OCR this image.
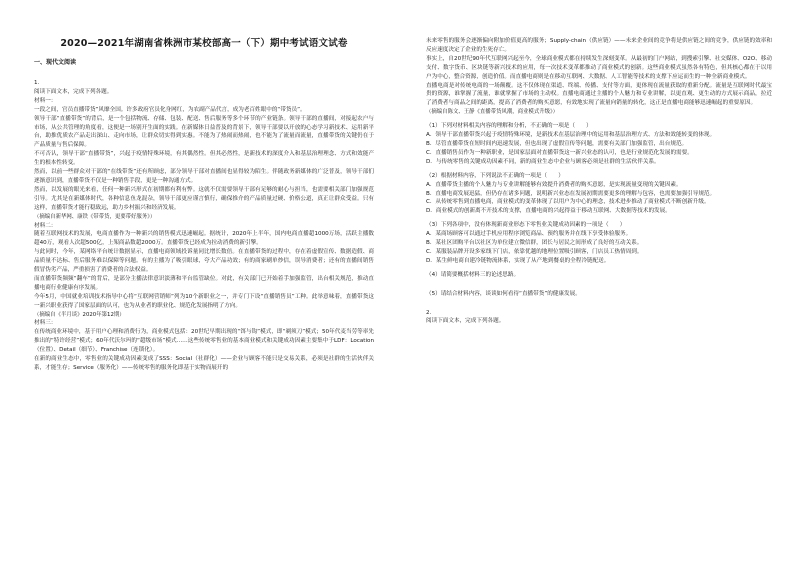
2020—2021年湖南省株洲市某校部高一（下）期中考试语文试卷
一、现代文阅读

1.

阅读下面文本，完成下列各题。

材料一：

一段之间，官员直播带货”风靡全国。许多政府官员化身网红，为农副产品代言，成为老百姓眼中的“带货员”。

领导干部“直播带货”的背后，是一个包括物流、存储、包装、配送、售后服务等多个环节的产业链条。领导干部的直播间，对接起农户与市场，从公共管理的角度看，这便是一场别开生面的实践。在新媒体日益普及的背景下，领导干部要以开放的心态学习新技术、运用新平台，助推优质农产品走出深山、走向市场，让群众切实得到实惠。不能为了热闹而热闹，也不能为了流量而流量，直播带货的关键仍在于产品质量与售后保障。

不可否认，领导干部“直播带货”，兴起于疫情特殊环境，有其偶然性。但其必然性，是新技术的深度介入和基层治理理念、方式和效能产生的根本性转变。

然而，以前一些群众对干部的“在线带货”还有所顾虑，部分领导干部对直播间也显得较为陌生。伴随政务新媒体的广泛普及，领导干部们逐渐意识到，直播带货不仅是一种销售手段，更是一种沟通方式。

然而，以发展的眼光来看，任何一种新兴形式在初期都有利有弊。这就不仅需要领导干部有足够的耐心与担当，也需要相关部门加强规范引导。尤其是在新媒体时代，各种信息鱼龙混杂，领导干部更应谨言慎行，确保推介的产品质量过硬、价格公道，真正让群众受益。只有这样，直播带货才能行稳致远，助力乡村振兴和经济发展。

（摘编自新华网、康铁《带带货，更要带好服务》）

材料二：

随着互联网技术的发展，电商直播作为一种新兴的销售模式迅速崛起。据统计，2020年上半年，国内电商直播超1000万场，活跃主播数超40万，观看人次超500亿，上架商品数超2000万。直播带货已经成为拉动消费的新引擎。

与此同时，今年，某网络平台统计数据显示，直播电商领域投诉量同比增长数倍。在直播带货的过程中，存在着虚假宣传、数据造假、商品质量不达标、售后服务难以保障等问题。有的主播为了吸引眼球，夸大产品功效；有的商家刷单炒信，误导消费者；还有的直播间销售假冒伪劣产品，严重损害了消费者的合法权益。

而直播带货频频“翻车”的背后，是部分主播法律意识淡薄和平台监管缺位。对此，有关部门已开始着手加强监管，出台相关规范，推动直播电商行业健康有序发展。

今年5月，中国就业培训技术指导中心将“互联网营销师”列为10个新职业之一，并专门下设“直播销售员”工种。此举意味着，直播带货这一新兴职业获得了国家层面的认可，也为从业者的职业化、规范化发展指明了方向。

（摘编自《半月谈》2020年第12期）

材料三：

在传统商业环境中，基于用户心理和消费行为，商业模式包括：20世纪早期出现的“饵与钩”模式，即“剃须刀”模式；50年代麦当劳等率先推出的“特许经营”模式；60年代沃尔玛的“超级市场”模式……这些传统零售业的基本商业模式和关键成功因素主要集中于LDF：Location（位置）、Detail（细节）、Franchise（连锁化）。

在新的商业生态中，零售业的关键成功因素变成了SSS：Social（社群化）——企业与顾客不能只是交易关系，必须是社群的生活伙伴关系，才能生存；Service（服务化）——传统零售的服务化即基于实物而展开的

未来零售的服务会逐渐偏向附加价值更高的服务；Supply-chain（供应链）——未来企业间的竞争将是供应链之间的竞争，供应链的效率和反应速度决定了企业的生死存亡。

事实上，自20世纪90年代互联网兴起至今，全球商业模式都在持续发生深刻变革。从最初的门户网站，到搜索引擎、社交媒体、O2O、移动支付、数字货币、区块链等新兴技术的应用，每一次技术变革都推动了商业模式的创新。这些商业模式虽然各有特色，但其核心都在于以用户为中心，整合资源，创造价值。而直播电商则是在移动互联网、大数据、人工智能等技术的支撑下应运而生的一种全新商业模式。

直播电商是对传统电商的一场颠覆。这不仅体现在渠道、终端、传播、支付等方面，更体现在流量获取的重新分配。流量是互联网时代最宝贵的资源，谁掌握了流量，谁就掌握了市场的主动权。直播电商通过主播的个人魅力和专业讲解，以更直观、更生动的方式展示商品，拉近了消费者与商品之间的距离，提高了消费者的购买意愿，有效地实现了流量向销量的转化，这正是直播电商能够迅速崛起的重要原因。

（摘编自陈文、王静《直播带货风潮，商业模式升级》）

（1）下列对材料相关内容的理解和分析，不正确的一项是（　　）

A．领导干部直播带货兴起于疫情特殊环境，是新技术在基层治理中的运用和基层治理方式、方法和效能转变的体现。

B．尽管直播带货在短时间内迅速发展，但也出现了虚假宣传等问题，需要有关部门加强监管，出台规范。

C．直播销售员作为一种新职业，是国家层面对直播带货这一新兴业态的认可，也是行业规范化发展的需要。

D．与传统零售的关键成功因素不同，新的商业生态中企业与顾客必须是社群的生活伙伴关系。

（2）根据材料内容，下列说法不正确的一项是（　　）

A．直播带货主播的个人魅力与专业讲解能够有效提升消费者的购买意愿，是实现流量变现的关键因素。

B．直播电商发展迅猛，但仍存在诸多问题，说明新兴业态在发展初期需要更多的理解与包容，也需要加强引导规范。

C．从传统零售到直播电商，商业模式的变革体现了以用户为中心的理念，技术进步推动了商业模式不断创新升级。

D．商业模式的创新离不开技术的支撑，直播电商的兴起得益于移动互联网、大数据等技术的发展。

（3）下列各项中，没有体现新商业形态下零售业关键成功因素的一项是（　　）

A．某商场顾客可以通过手机应用程序浏览商品、预约服务并在线下享受体验服务。

B．某社区团购平台以社区为单位建立微信群，团长与居民之间形成了良好的互动关系。

C．某服装品牌开设多家线下门店，依靠优越的地理位置吸引顾客，门店员工热情周到。

D．某生鲜电商自建冷链物流体系，实现了从产地到餐桌的全程冷链配送。

（4）请简要概括材料三的论述思路。

（5）请结合材料内容，谈谈如何看待“直播带货”的健康发展。

2.

阅读下面文本，完成下列各题。
